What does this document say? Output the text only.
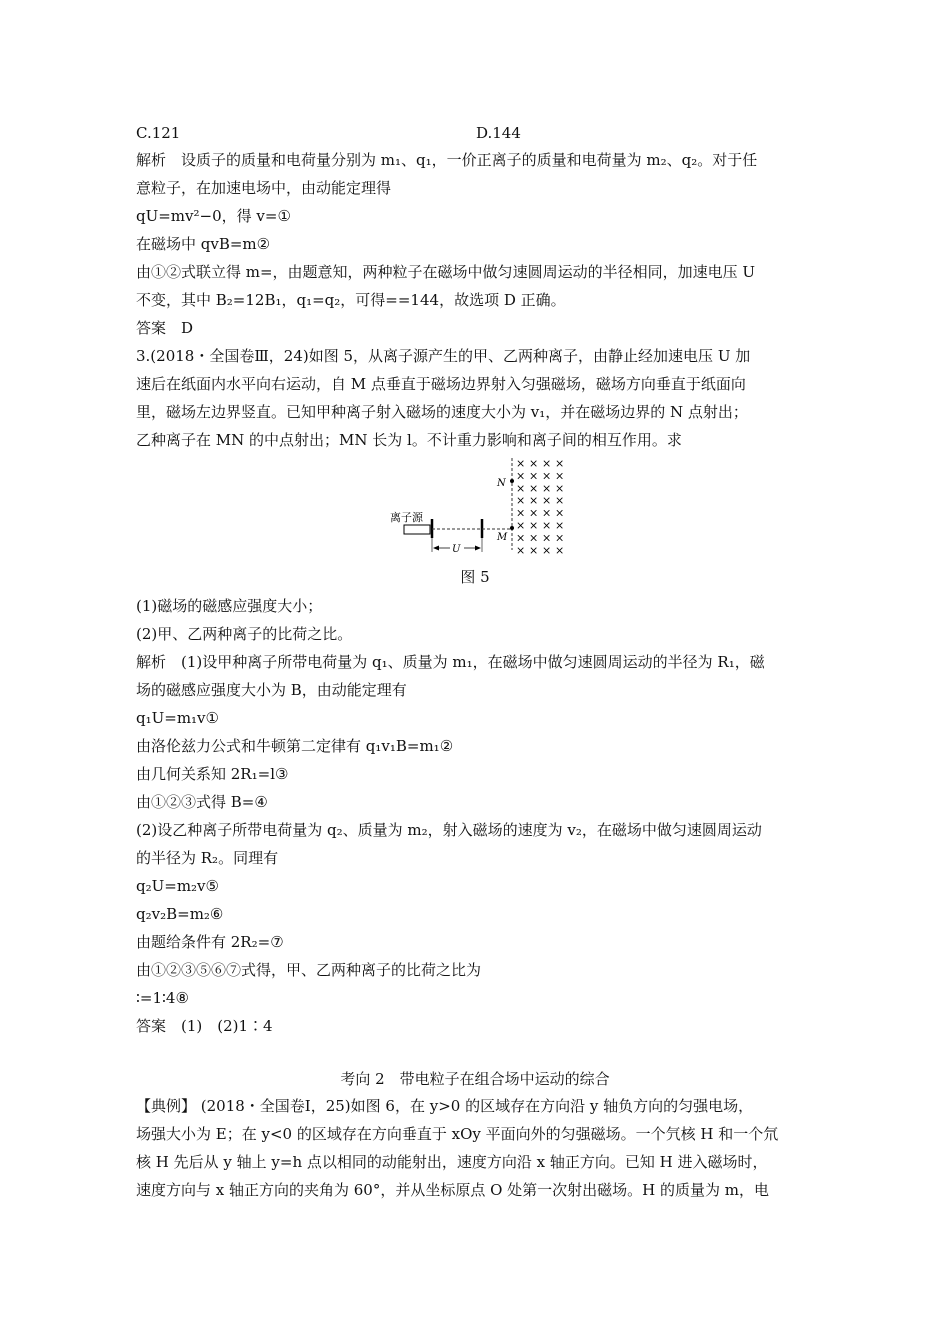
C.121	D.144
解析　设质子的质量和电荷量分别为 m₁、q₁，一价正离子的质量和电荷量为 m₂、q₂。对于任
意粒子，在加速电场中，由动能定理得
qU=mv²−0，得 v=①
在磁场中 qvB=m②
由①②式联立得 m=，由题意知，两种粒子在磁场中做匀速圆周运动的半径相同，加速电压 U
不变，其中 B₂=12B₁，q₁=q₂，可得==144，故选项 D 正确。
答案　D
3.(2018・全国卷Ⅲ，24)如图 5，从离子源产生的甲、乙两种离子，由静止经加速电压 U 加
速后在纸面内水平向右运动，自 M 点垂直于磁场边界射入匀强磁场，磁场方向垂直于纸面向
里，磁场左边界竖直。已知甲种离子射入磁场的速度大小为 v₁，并在磁场边界的 N 点射出；
乙种离子在 MN 的中点射出；MN 长为 l。不计重力影响和离子间的相互作用。求
× × × ×
× × × ×
× × × ×
× × × ×
× × × ×
× × × ×
× × × ×
× × × ×
N
M
离子源
U
图 5
(1)磁场的磁感应强度大小；
(2)甲、乙两种离子的比荷之比。
解析　(1)设甲种离子所带电荷量为 q₁、质量为 m₁，在磁场中做匀速圆周运动的半径为 R₁，磁
场的磁感应强度大小为 B，由动能定理有
q₁U=m₁v①
由洛伦兹力公式和牛顿第二定律有 q₁v₁B=m₁②
由几何关系知 2R₁=l③
由①②③式得 B=④
(2)设乙种离子所带电荷量为 q₂、质量为 m₂，射入磁场的速度为 v₂，在磁场中做匀速圆周运动
的半径为 R₂。同理有
q₂U=m₂v⑤
q₂v₂B=m₂⑥
由题给条件有 2R₂=⑦
由①②③⑤⑥⑦式得，甲、乙两种离子的比荷之比为
∶=1∶4⑧
答案　(1)　(2)1∶4
考向 2　带电粒子在组合场中运动的综合
【典例】 (2018・全国卷Ⅰ，25)如图 6，在 y>0 的区域存在方向沿 y 轴负方向的匀强电场，
场强大小为 E；在 y<0 的区域存在方向垂直于 xOy 平面向外的匀强磁场。一个氕核 H 和一个氘
核 H 先后从 y 轴上 y=h 点以相同的动能射出，速度方向沿 x 轴正方向。已知 H 进入磁场时，
速度方向与 x 轴正方向的夹角为 60°，并从坐标原点 O 处第一次射出磁场。H 的质量为 m，电
